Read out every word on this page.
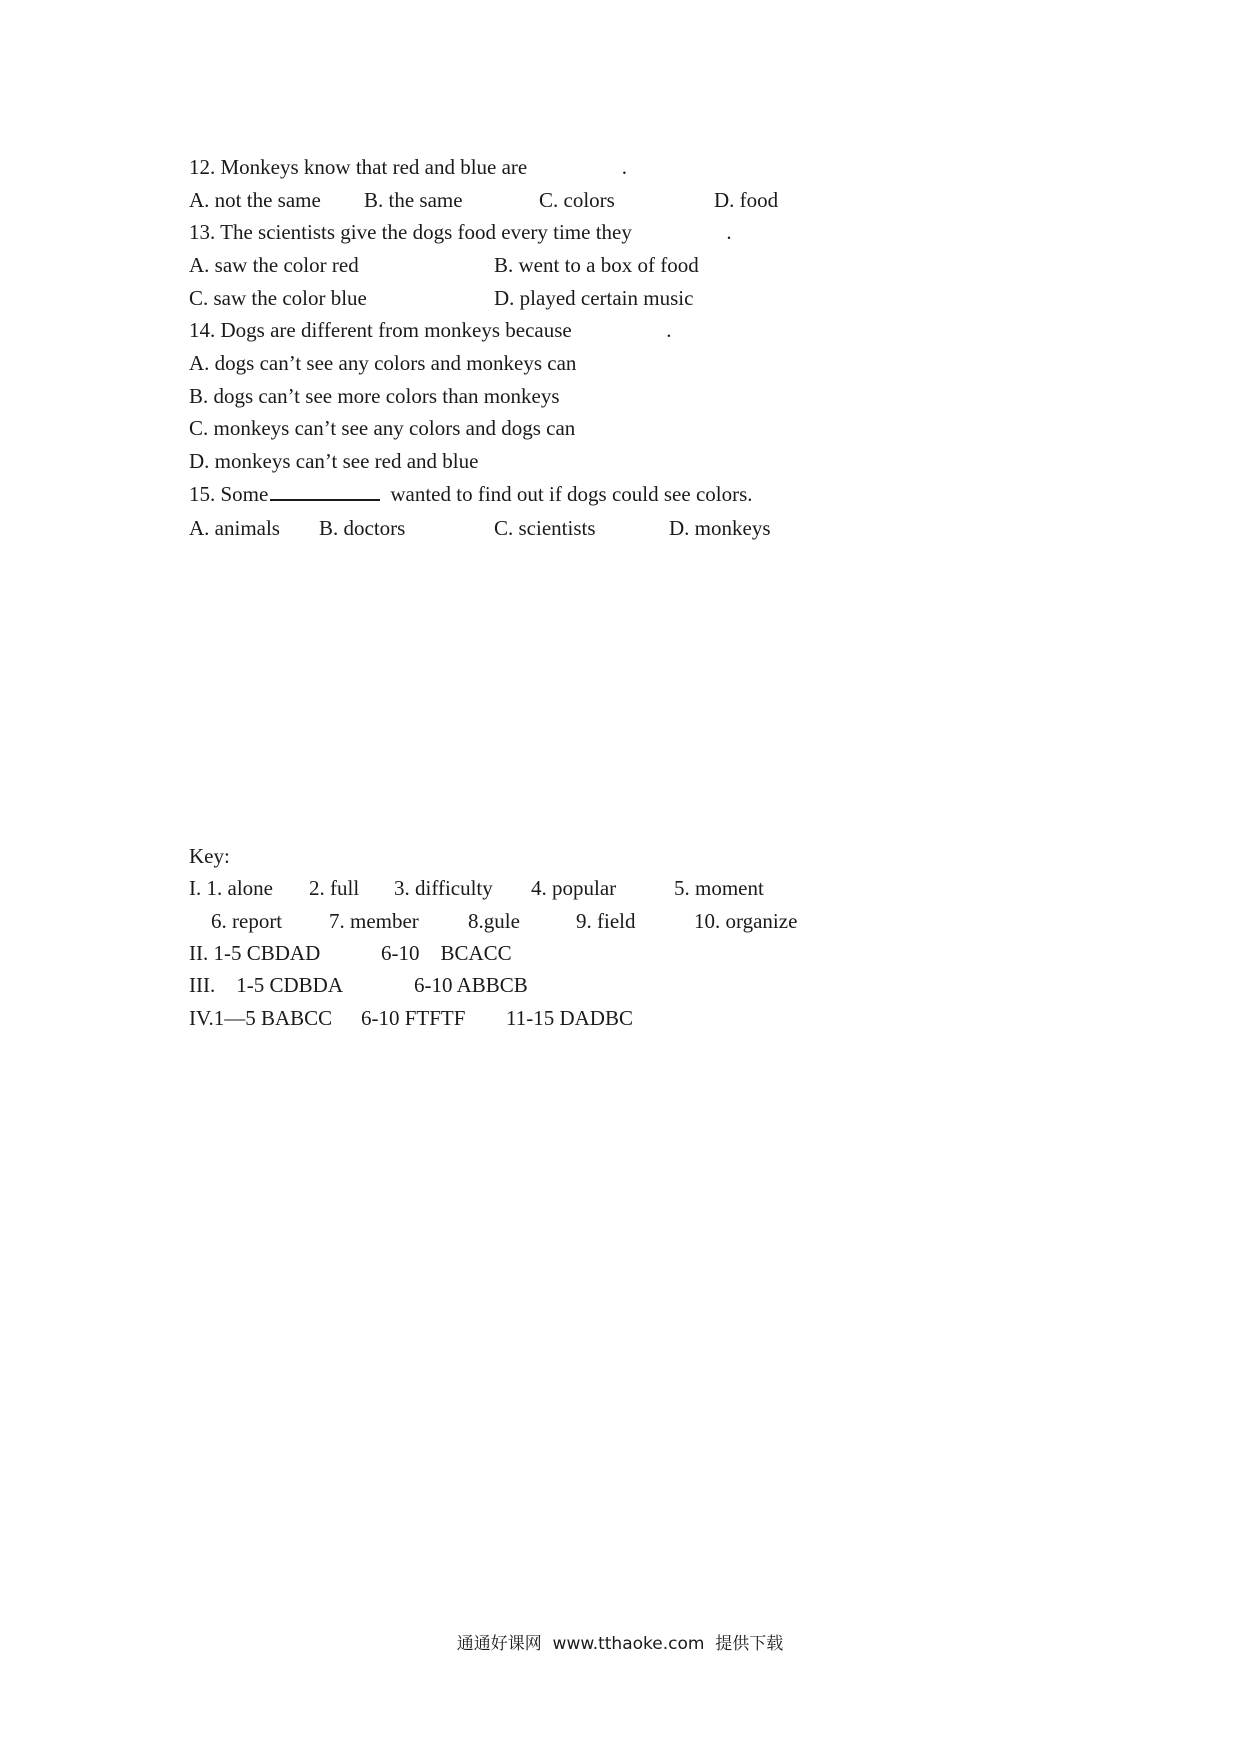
12. Monkeys know that red and blue are                  .
A. not the same B. the same	C. colors	D. food
13. The scientists give the dogs food every time they                  .
A. saw the color red	B. went to a box of food
C. saw the color blue	D. played certain music
14. Dogs are different from monkeys because                  .
A. dogs can’t see any colors and monkeys can
B. dogs can’t see more colors than monkeys
C. monkeys can’t see any colors and dogs can
D. monkeys can’t see red and blue
15. Some	wanted to find out if dogs could see colors.
A. animals B. doctors	C. scientists	D. monkeys
Key:
I. 1. alone 2. full 3. difficulty 4. popular	5. moment
6. report 7. member 8.gule	9. field	10. organize
II. 1-5 CBDAD	6-10    BCACC
III.    1-5 CDBDA	6-10 ABBCB
IV.1—5 BABCC 6-10 FTFTF 11-15 DADBC
通通好课网  www.tthaoke.com  提供下载
